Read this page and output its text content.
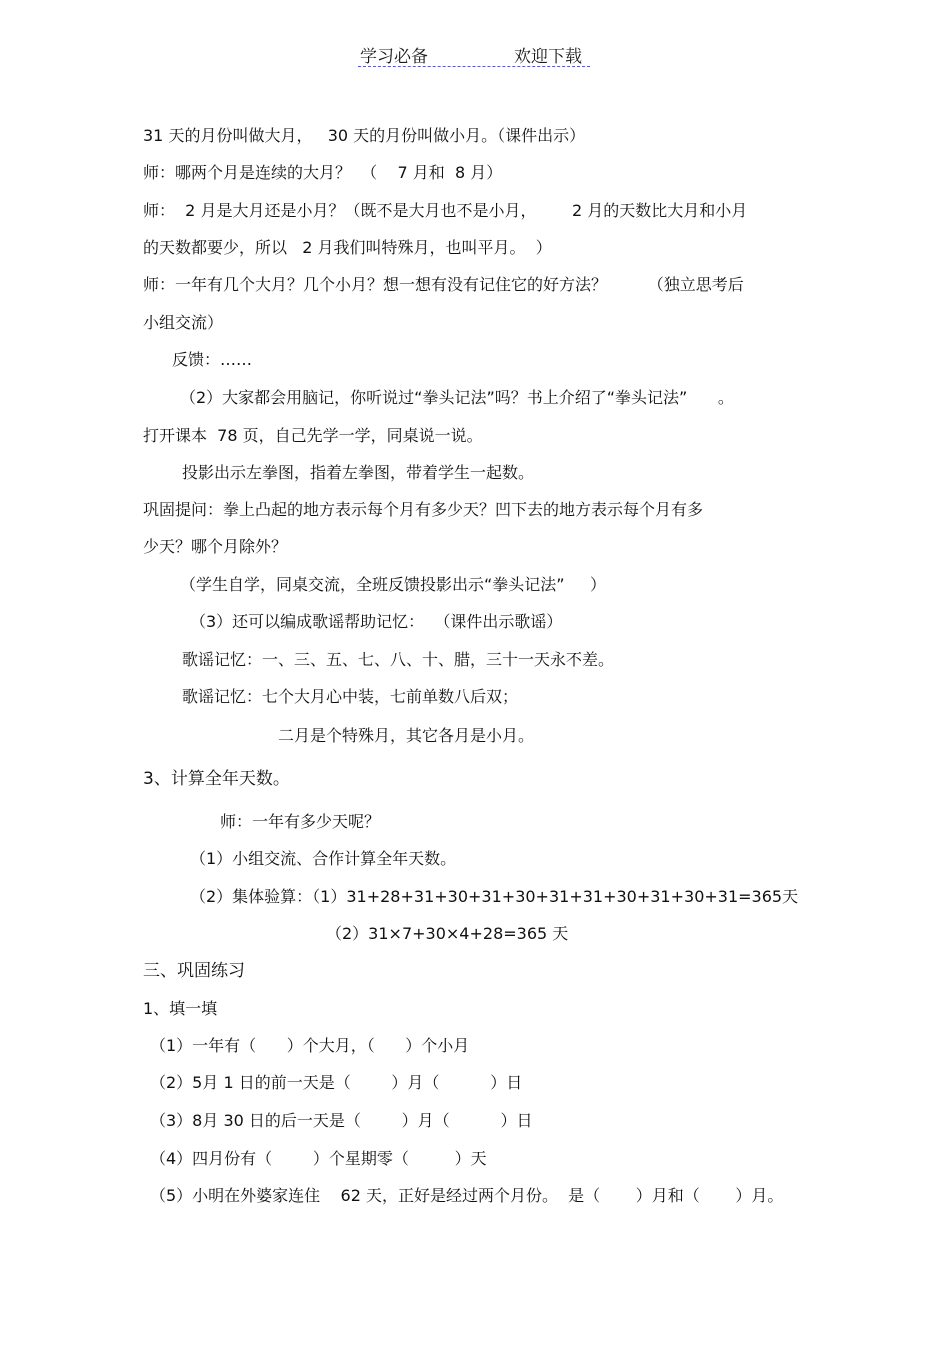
学习必备	欢迎下载
31 天的月份叫做大月，   30 天的月份叫做小月。（课件出示）
师：哪两个月是连续的大月？  （    7 月和  8 月）
师：  2 月是大月还是小月？（既不是大月也不是小月，       2 月的天数比大月和小月
的天数都要少，所以   2 月我们叫特殊月，也叫平月。  ）
师：一年有几个大月？几个小月？想一想有没有记住它的好方法？        （独立思考后
小组交流）
反馈：……
（2）大家都会用脑记，你听说过“拳头记法”吗？书上介绍了“拳头记法”      。
打开课本  78 页，自己先学一学，同桌说一说。
投影出示左拳图，指着左拳图，带着学生一起数。
巩固提问：拳上凸起的地方表示每个月有多少天？凹下去的地方表示每个月有多
少天？哪个月除外？
（学生自学，同桌交流，全班反馈投影出示“拳头记法”     ）
（3）还可以编成歌谣帮助记忆：  （课件出示歌谣）
歌谣记忆：一、三、五、七、八、十、腊，三十一天永不差。
歌谣记忆：七个大月心中装，七前单数八后双；
二月是个特殊月，其它各月是小月。
3、计算全年天数。
师：一年有多少天呢？
（1）小组交流、合作计算全年天数。
（2）集体验算：（1）31+28+31+30+31+30+31+31+30+31+30+31=365天
（2）31×7+30×4+28=365 天
三、巩固练习
1、填一填
（1）一年有（      ）个大月，（      ）个小月
（2）5月 1 日的前一天是（        ）月（          ）日
（3）8月 30 日的后一天是（        ）月（          ）日
（4）四月份有（        ）个星期零（         ）天
（5）小明在外婆家连住    62 天，正好是经过两个月份。  是（       ）月和（       ）月。
